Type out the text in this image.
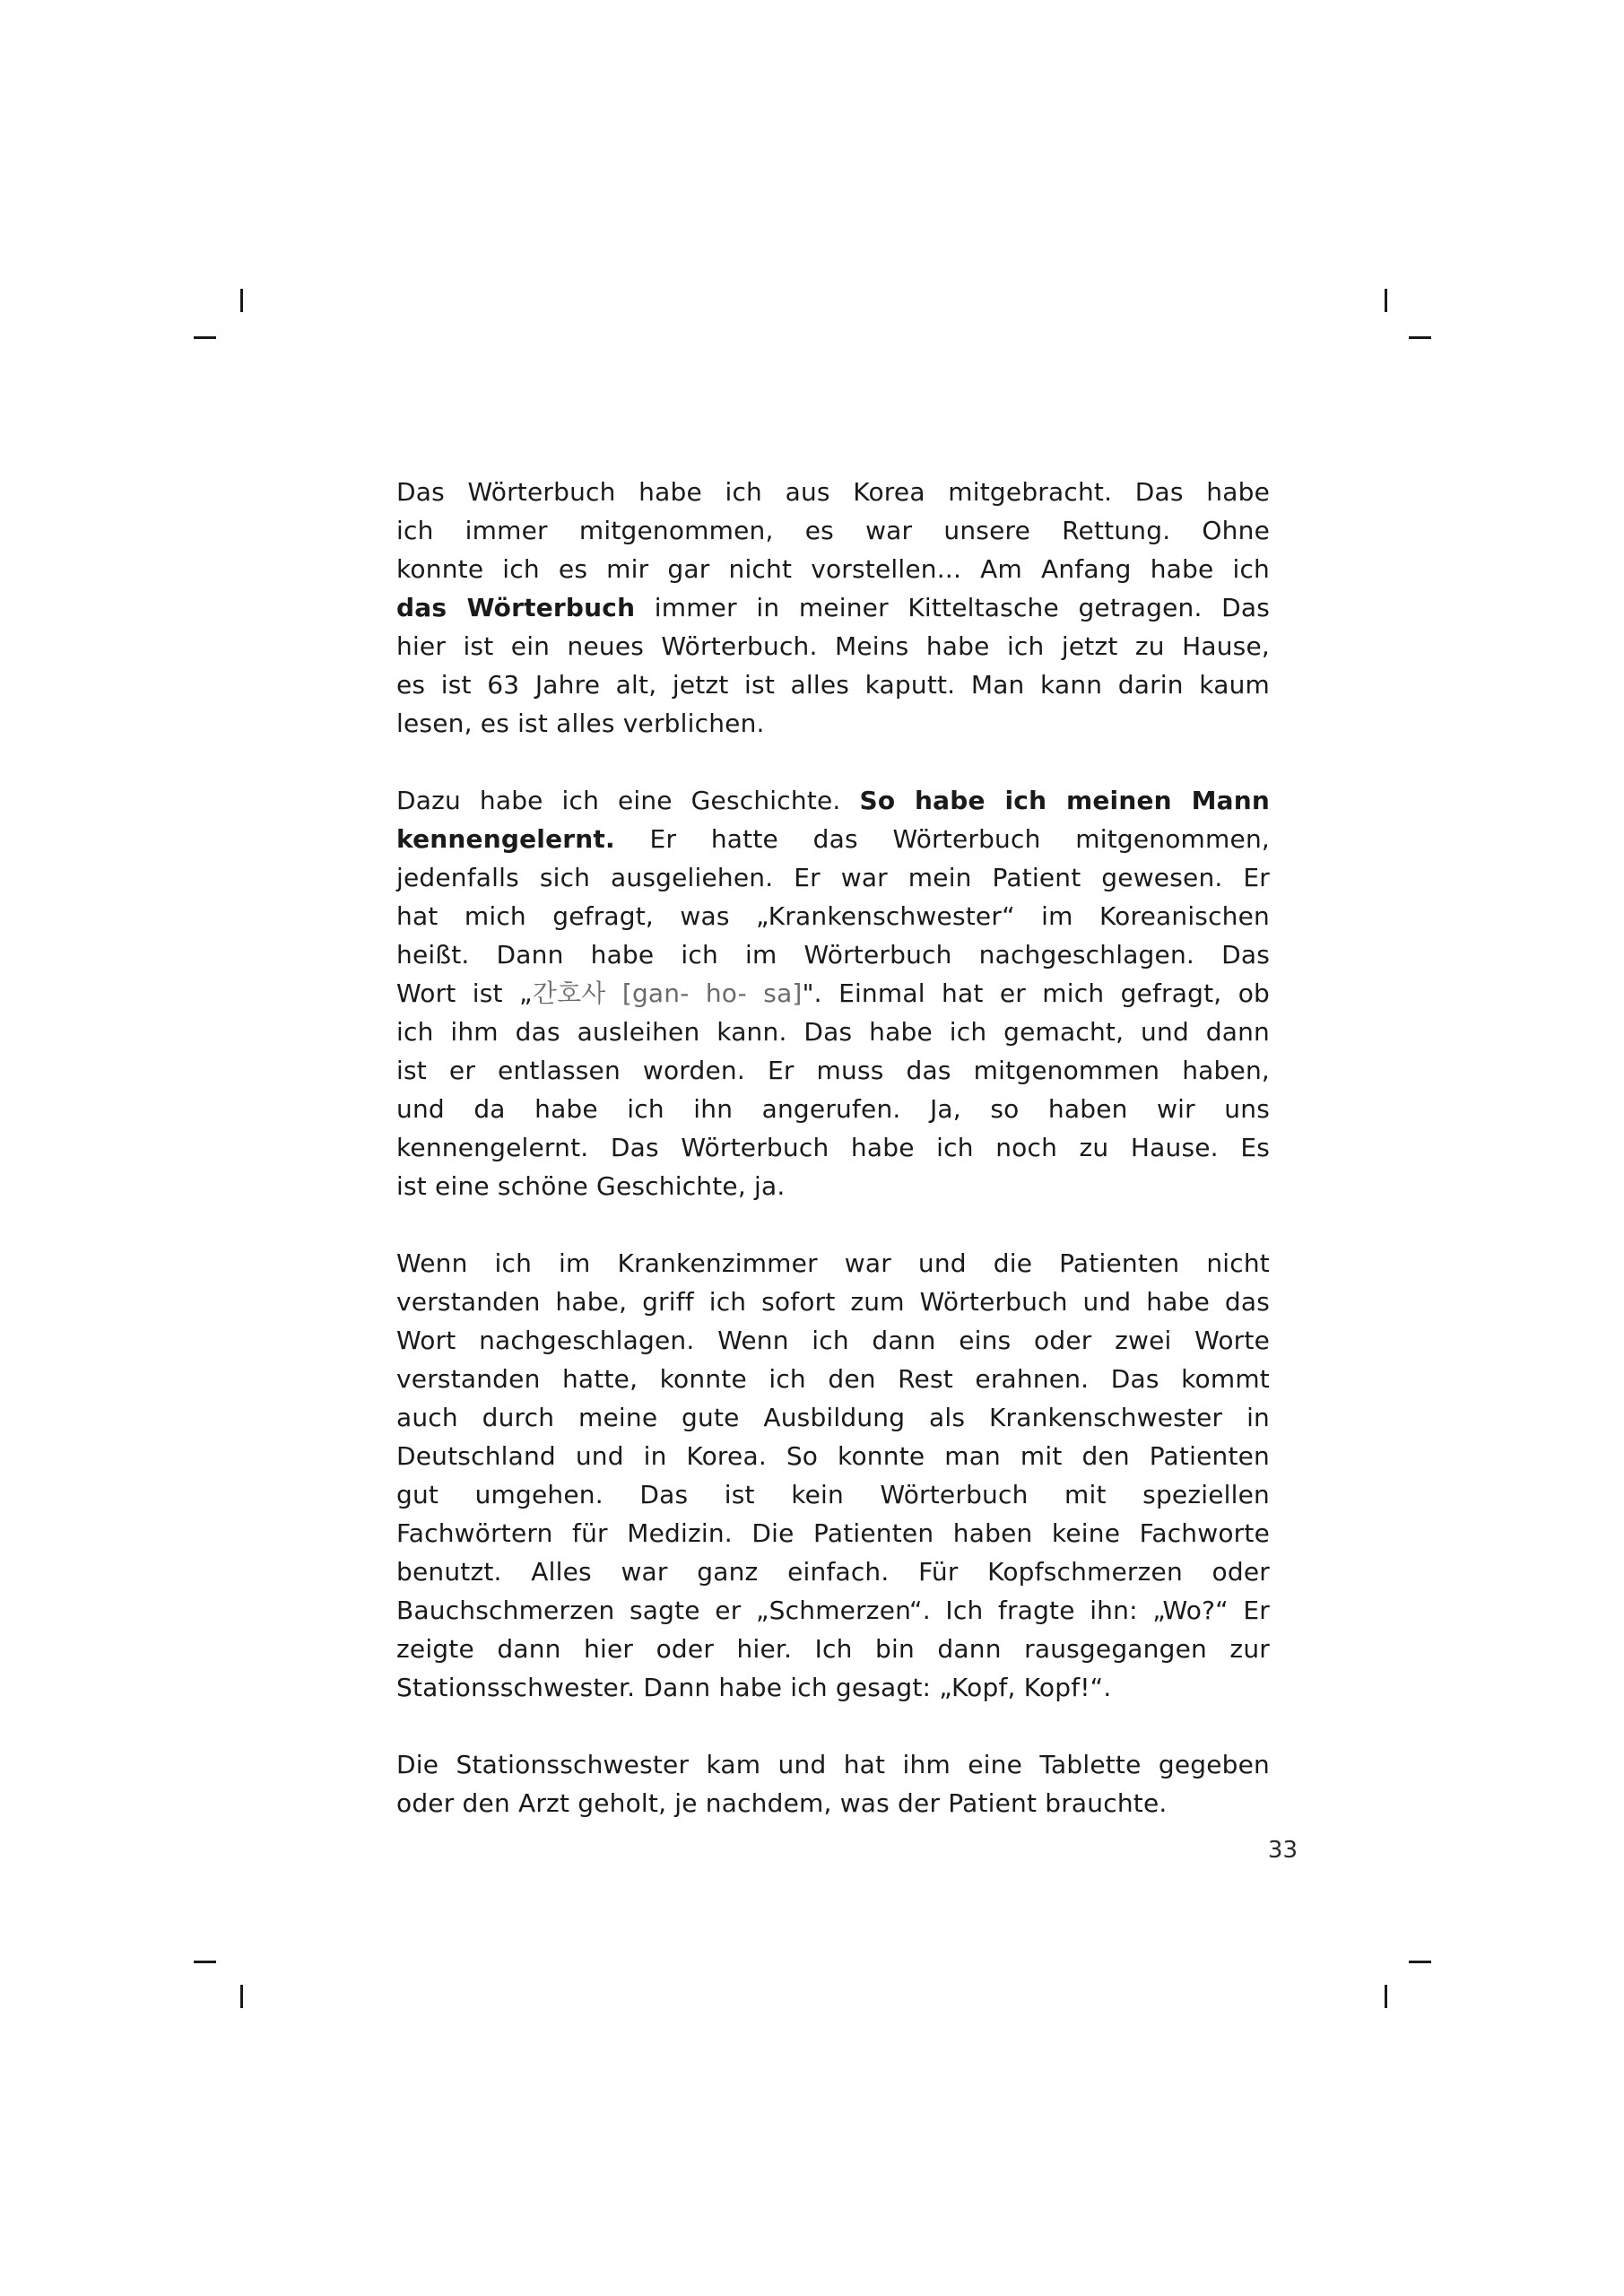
Das Wörterbuch habe ich aus Korea mitgebracht. Das habe
ich immer mitgenommen, es war unsere Rettung. Ohne
konnte ich es mir gar nicht vorstellen... Am Anfang habe ich
das Wörterbuch immer in meiner Kitteltasche getragen. Das
hier ist ein neues Wörterbuch. Meins habe ich jetzt zu Hause,
es ist 63 Jahre alt, jetzt ist alles kaputt. Man kann darin kaum
lesen, es ist alles verblichen.
Dazu habe ich eine Geschichte. So habe ich meinen Mann
kennengelernt. Er hatte das Wörterbuch mitgenommen,
jedenfalls sich ausgeliehen. Er war mein Patient gewesen. Er
hat mich gefragt, was „Krankenschwester“ im Koreanischen
heißt. Dann habe ich im Wörterbuch nachgeschlagen. Das
Wort ist „간호사 [gan- ho- sa]". Einmal hat er mich gefragt, ob
ich ihm das ausleihen kann. Das habe ich gemacht, und dann
ist er entlassen worden. Er muss das mitgenommen haben,
und da habe ich ihn angerufen. Ja, so haben wir uns
kennengelernt. Das Wörterbuch habe ich noch zu Hause. Es
ist eine schöne Geschichte, ja.
Wenn ich im Krankenzimmer war und die Patienten nicht
verstanden habe, griff ich sofort zum Wörterbuch und habe das
Wort nachgeschlagen. Wenn ich dann eins oder zwei Worte
verstanden hatte, konnte ich den Rest erahnen. Das kommt
auch durch meine gute Ausbildung als Krankenschwester in
Deutschland und in Korea. So konnte man mit den Patienten
gut umgehen. Das ist kein Wörterbuch mit speziellen
Fachwörtern für Medizin. Die Patienten haben keine Fachworte
benutzt. Alles war ganz einfach. Für Kopfschmerzen oder
Bauchschmerzen sagte er „Schmerzen“. Ich fragte ihn: „Wo?“ Er
zeigte dann hier oder hier. Ich bin dann rausgegangen zur
Stationsschwester. Dann habe ich gesagt: „Kopf, Kopf!“.
Die Stationsschwester kam und hat ihm eine Tablette gegeben
oder den Arzt geholt, je nachdem, was der Patient brauchte.
33
